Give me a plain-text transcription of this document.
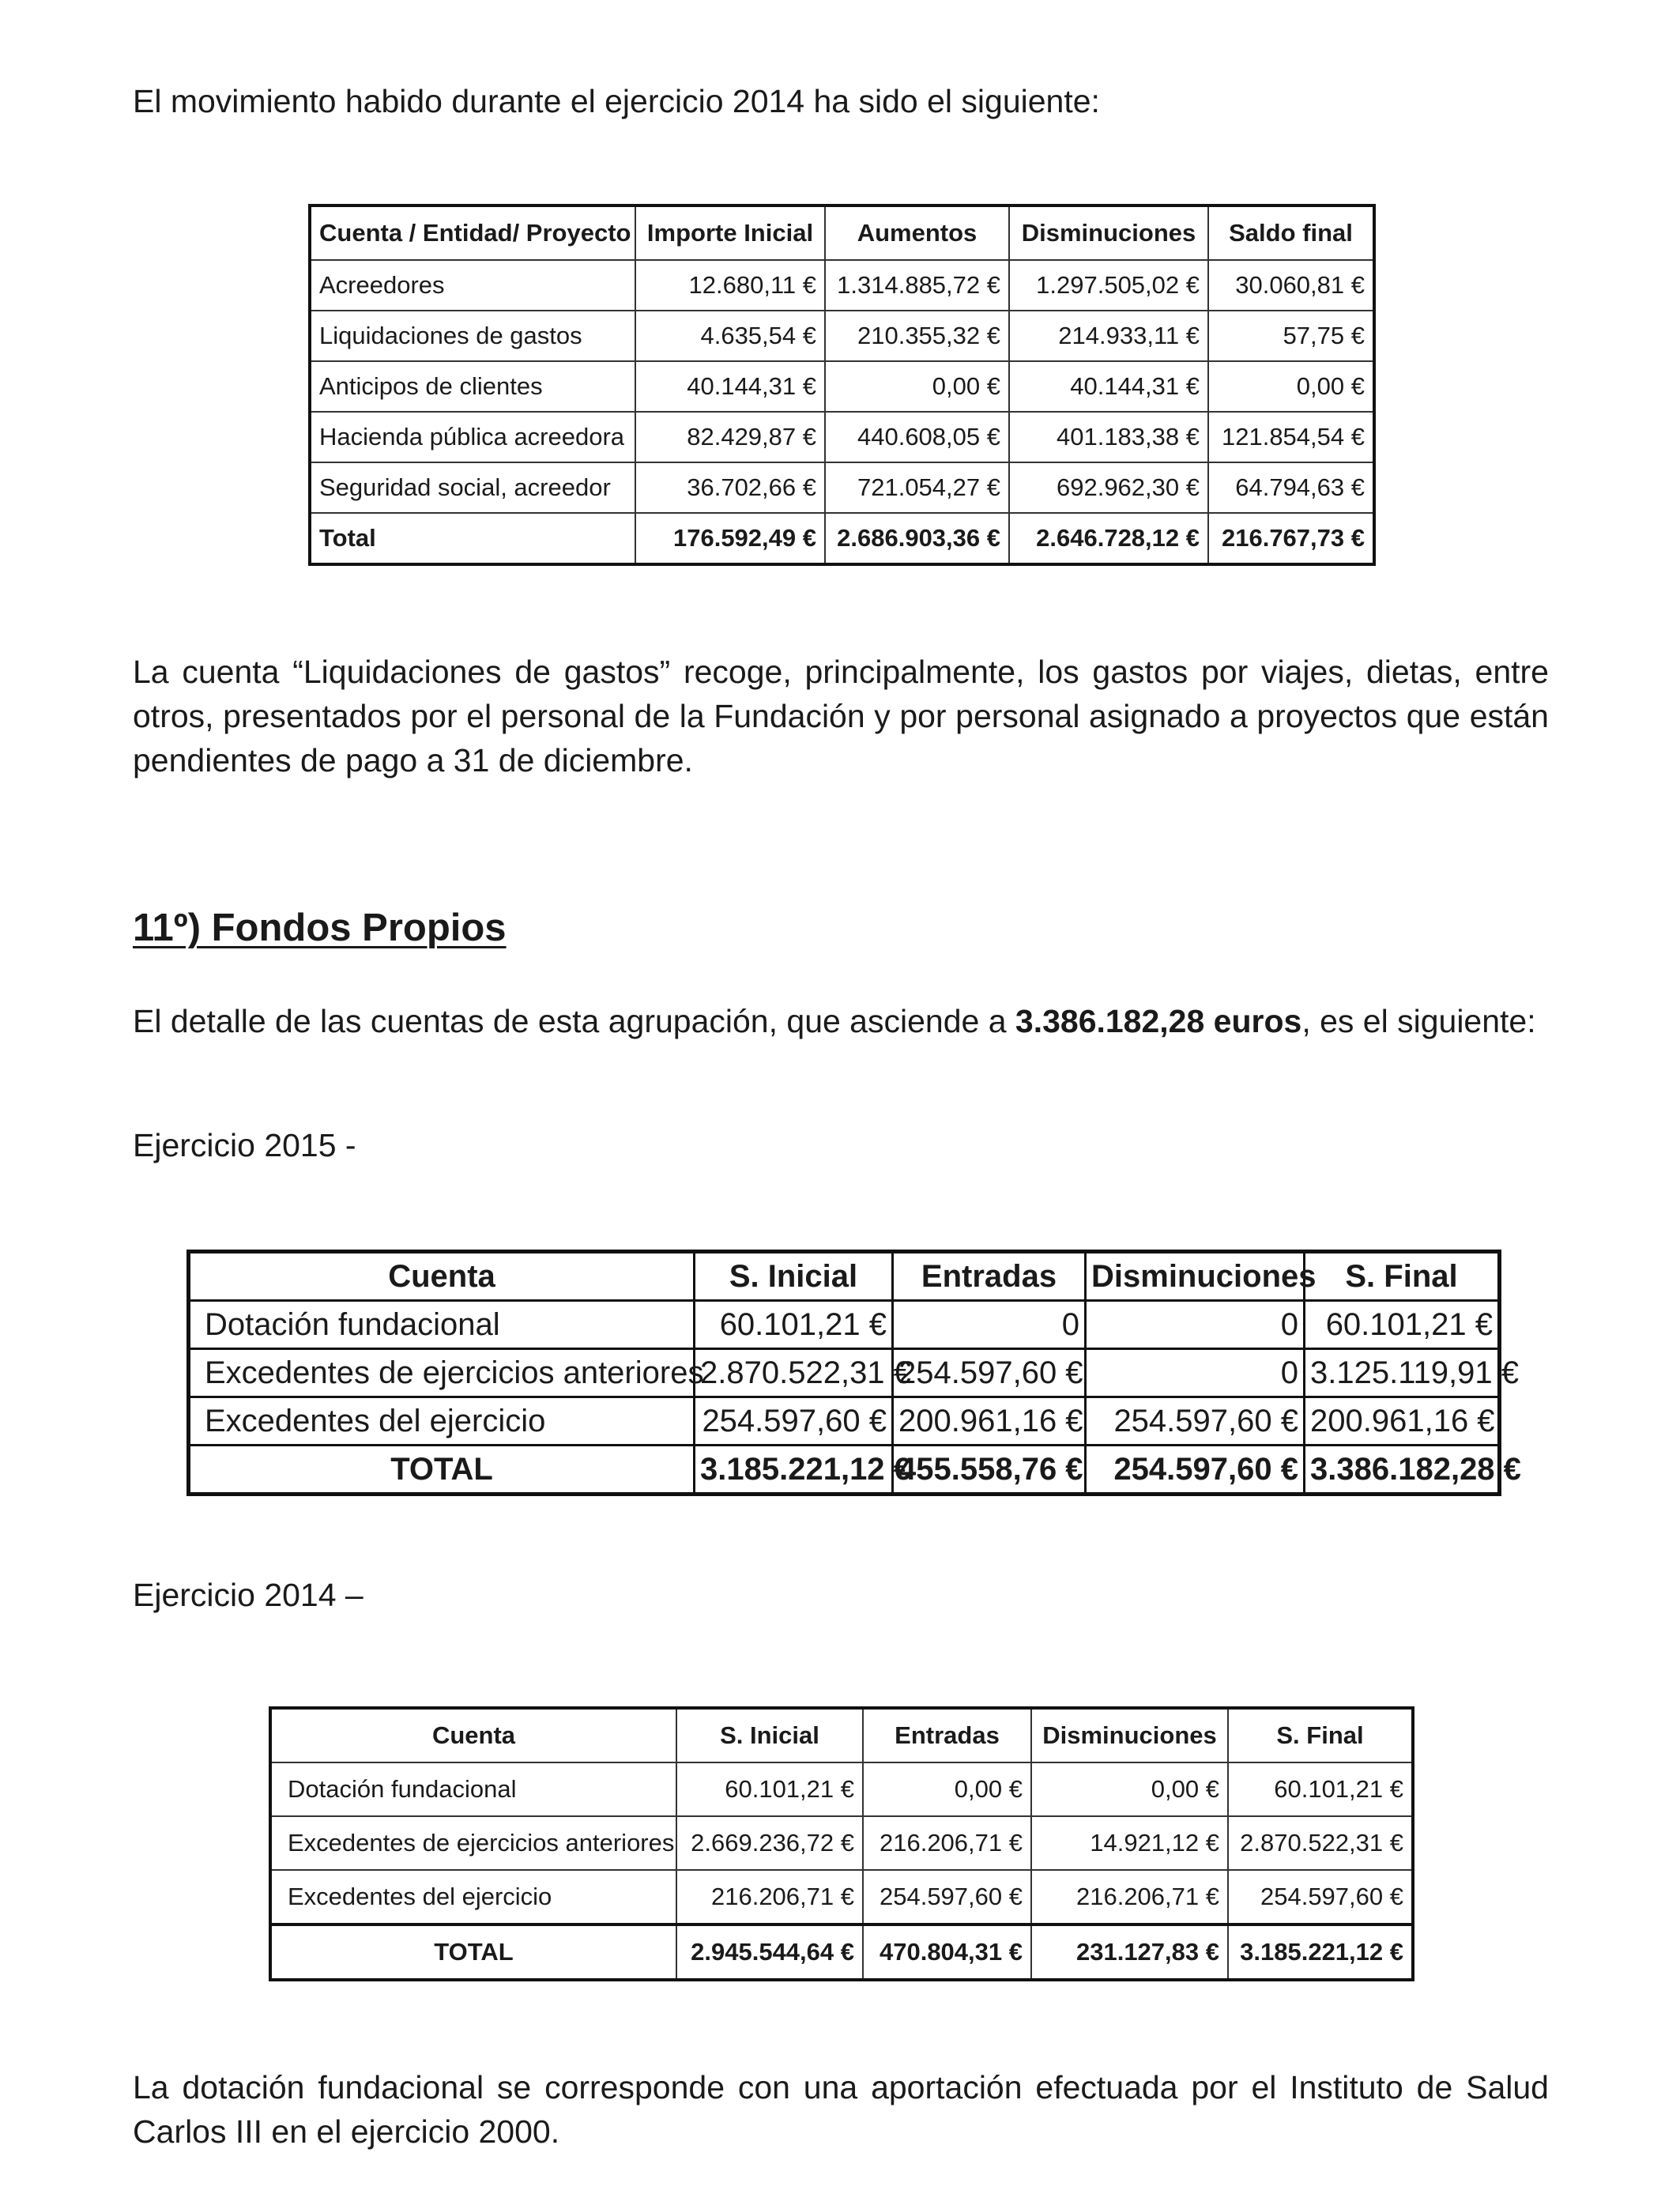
El movimiento habido durante el ejercicio 2014 ha sido el siguiente:

Cuenta / Entidad/ Proyecto	Importe Inicial	Aumentos	Disminuciones	Saldo final
Acreedores	12.680,11 €	1.314.885,72 €	1.297.505,02 €	30.060,81 €
Liquidaciones de gastos	4.635,54 €	210.355,32 €	214.933,11 €	57,75 €
Anticipos de clientes	40.144,31 €	0,00 €	40.144,31 €	0,00 €
Hacienda pública acreedora	82.429,87 €	440.608,05 €	401.183,38 €	121.854,54 €
Seguridad social, acreedor	36.702,66 €	721.054,27 €	692.962,30 €	64.794,63 €
Total	176.592,49 €	2.686.903,36 €	2.646.728,12 €	216.767,73 €

La cuenta “Liquidaciones de gastos” recoge, principalmente, los gastos por viajes, dietas, entre otros, presentados por el personal de la Fundación y por personal asignado a proyectos que están pendientes de pago a 31 de diciembre.

11º) Fondos Propios

El detalle de las cuentas de esta agrupación, que asciende a 3.386.182,28 euros, es el siguiente:

Ejercicio 2015 -

Cuenta	S. Inicial	Entradas	Disminuciones	S. Final
Dotación fundacional	60.101,21 €	0	0	60.101,21 €
Excedentes de ejercicios anteriores	2.870.522,31 €	254.597,60 €	0	3.125.119,91 €
Excedentes del ejercicio	254.597,60 €	200.961,16 €	254.597,60 €	200.961,16 €
TOTAL	3.185.221,12 €	455.558,76 €	254.597,60 €	3.386.182,28 €

Ejercicio 2014 –

Cuenta	S. Inicial	Entradas	Disminuciones	S. Final
Dotación fundacional	60.101,21 €	0,00 €	0,00 €	60.101,21 €
Excedentes de ejercicios anteriores	2.669.236,72 €	216.206,71 €	14.921,12 €	2.870.522,31 €
Excedentes del ejercicio	216.206,71 €	254.597,60 €	216.206,71 €	254.597,60 €
TOTAL	2.945.544,64 €	470.804,31 €	231.127,83 €	3.185.221,12 €

La dotación fundacional se corresponde con una aportación efectuada por el Instituto de Salud Carlos III en el ejercicio 2000.
